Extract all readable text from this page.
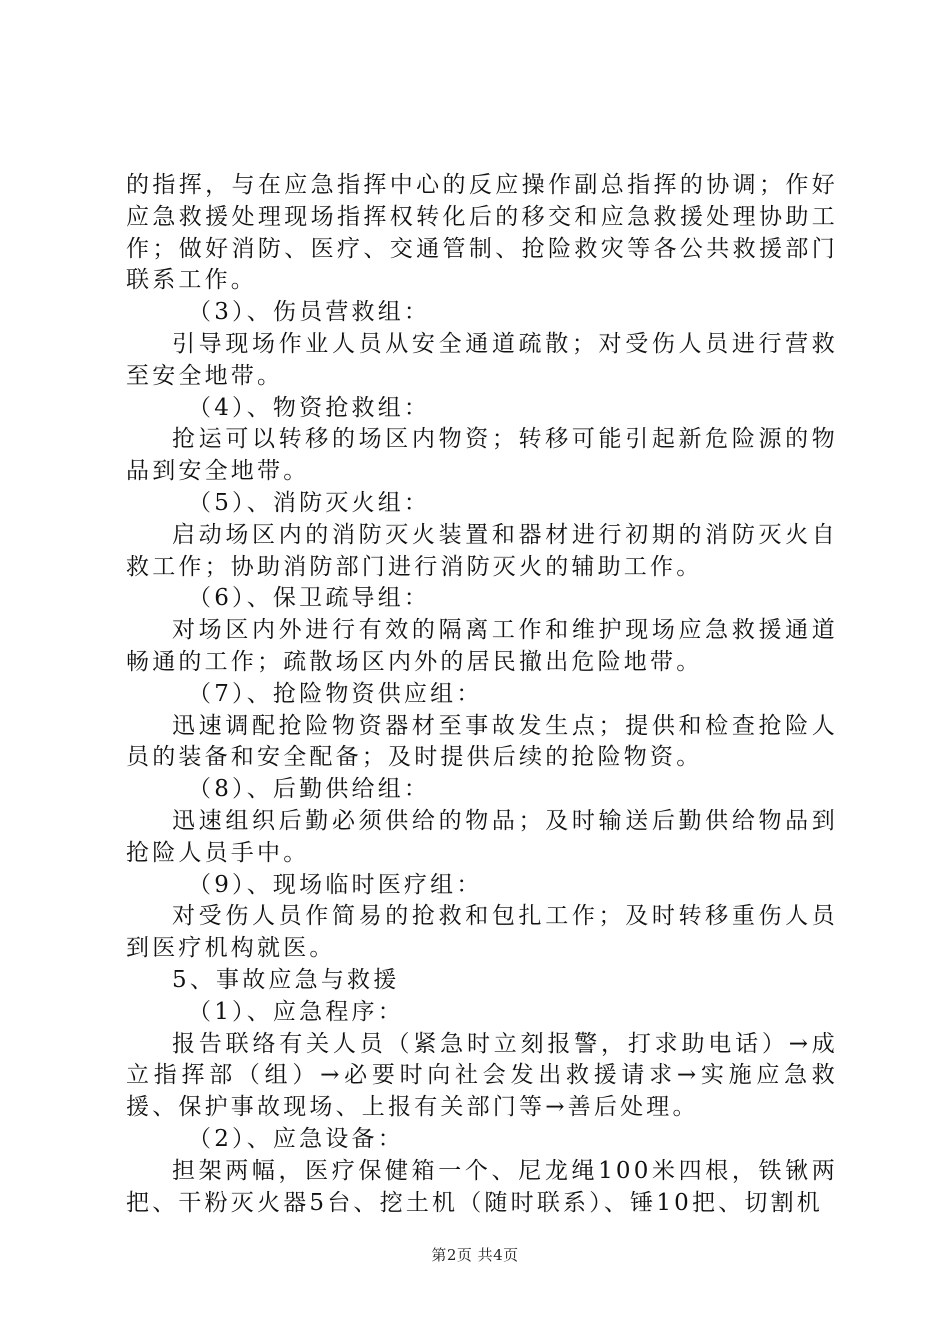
的指挥，与在应急指挥中心的反应操作副总指挥的协调；作好应急救援处理现场指挥权转化后的移交和应急救援处理协助工作；做好消防、医疗、交通管制、抢险救灾等各公共救援部门联系工作。

（3）、伤员营救组：

引导现场作业人员从安全通道疏散；对受伤人员进行营救至安全地带。

（4）、物资抢救组：

抢运可以转移的场区内物资；转移可能引起新危险源的物品到安全地带。

（5）、消防灭火组：

启动场区内的消防灭火装置和器材进行初期的消防灭火自救工作；协助消防部门进行消防灭火的辅助工作。

（6）、保卫疏导组：

对场区内外进行有效的隔离工作和维护现场应急救援通道畅通的工作；疏散场区内外的居民撤出危险地带。

（7）、抢险物资供应组：

迅速调配抢险物资器材至事故发生点；提供和检查抢险人员的装备和安全配备；及时提供后续的抢险物资。

（8）、后勤供给组：

迅速组织后勤必须供给的物品；及时输送后勤供给物品到抢险人员手中。

（9）、现场临时医疗组：

对受伤人员作简易的抢救和包扎工作；及时转移重伤人员到医疗机构就医。

5、事故应急与救援

（1）、应急程序：

报告联络有关人员（紧急时立刻报警，打求助电话）→成立指挥部（组）→必要时向社会发出救援请求→实施应急救援、保护事故现场、上报有关部门等→善后处理。

（2）、应急设备：

担架两幅，医疗保健箱一个、尼龙绳100米四根，铁锹两把、干粉灭火器5台、挖土机（随时联系）、锤10把、切割机

第2页 共4页
